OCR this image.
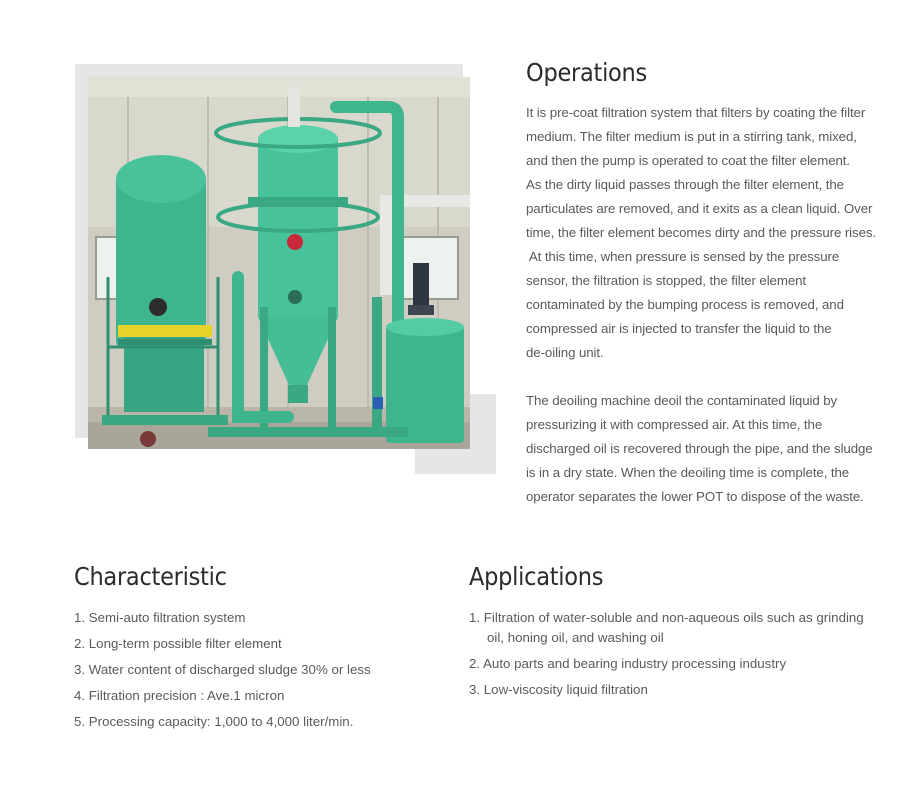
Operations

It is pre-coat filtration system that filters by coating the filter
medium. The filter medium is put in a stirring tank, mixed,
and then the pump is operated to coat the filter element.
As the dirty liquid passes through the filter element, the
particulates are removed, and it exits as a clean liquid. Over
time, the filter element becomes dirty and the pressure rises.
At this time, when pressure is sensed by the pressure
sensor, the filtration is stopped, the filter element
contaminated by the bumping process is removed, and
compressed air is injected to transfer the liquid to the
de-oiling unit.

The deoiling machine deoil the contaminated liquid by
pressurizing it with compressed air. At this time, the
discharged oil is recovered through the pipe, and the sludge
is in a dry state. When the deoiling time is complete, the
operator separates the lower POT to dispose of the waste.

Characteristic
1. Semi-auto filtration system
2. Long-term possible filter element
3. Water content of discharged sludge 30% or less
4. Filtration precision : Ave.1 micron
5. Processing capacity: 1,000 to 4,000 liter/min.
Applications
1. Filtration of water-soluble and non-aqueous oils such as grinding
oil, honing oil, and washing oil
2. Auto parts and bearing industry processing industry
3. Low-viscosity liquid filtration
